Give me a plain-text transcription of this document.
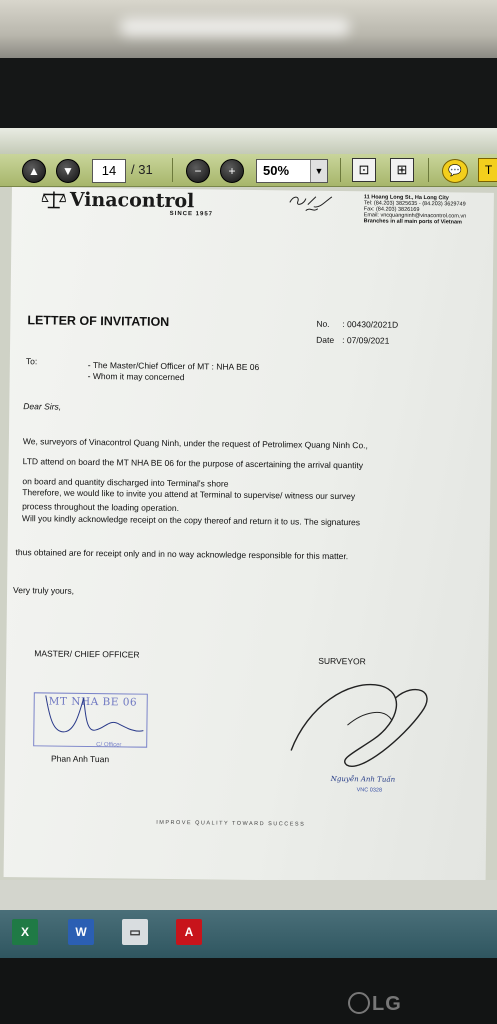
▲	▼	14	/ 31	−	+	50%	▼	⊡	⊞	💬	T
Vinacontrol
SINCE 1957
11 Hoang Long St., Ha Long City
Tel: (84.203) 3825635 - (84.203) 3629749
Fax: (84.203) 3826169
Email: vncquangninh@vinacontrol.com.vn
Branches in all main ports of Vietnam
LETTER OF INVITATION	No. : 00430/2021D
Date : 07/09/2021
To:	- The Master/Chief Officer of MT : NHA BE 06
- Whom it may concerned
Dear Sirs,
We, surveyors of Vinacontrol Quang Ninh, under the request of Petrolimex Quang Ninh Co.,
LTD attend on board the MT NHA BE 06 for the purpose of ascertaining the arrival quantity
on board and quantity discharged into Terminal's shore
Therefore, we would like to invite you attend at Terminal to supervise/ witness our survey
process throughout the loading operation.
Will you kindly acknowledge receipt on the copy thereof and return it to us. The signatures
thus obtained are for receipt only and in no way acknowledge responsible for this matter.
Very truly yours,
MASTER/ CHIEF OFFICER
SURVEYOR
MT NHA BE 06
C/ Officer
Phan Anh Tuan
Nguyễn Anh Tuấn
VNC 0328
IMPROVE QUALITY TOWARD SUCCESS
X	W	▭	A
LG
